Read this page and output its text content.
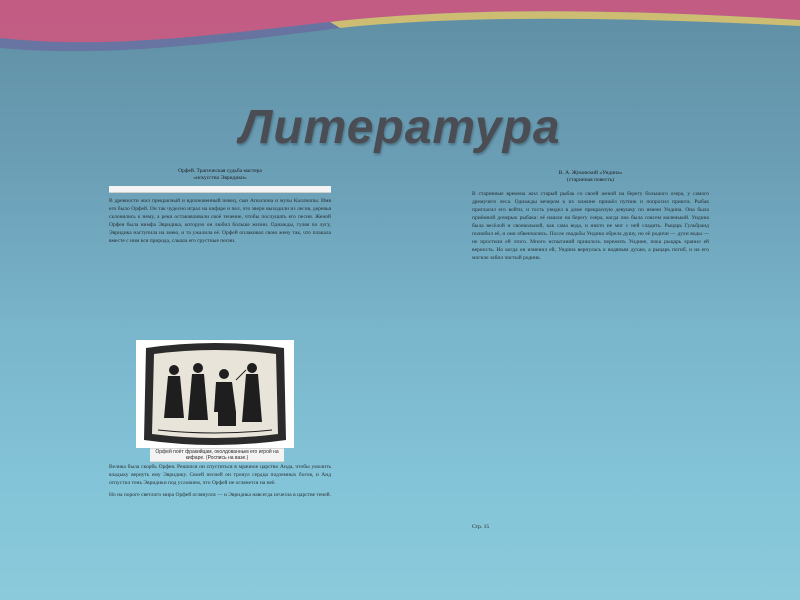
Литература
Орфей. Трагическая судьба мастера
«искусство Эвридики»
В древности жил прекрасный и вдохновенный певец, сын Аполлона и музы Каллиопы. Имя его было Орфей. Он так чудесно играл на кифаре и пел, что звери выходили из лесов, деревья склонялись к нему, а реки останавливали своё течение, чтобы послушать его песни. Женой Орфея была нимфа Эвридика, которую он любил больше жизни. Однажды, гуляя по лугу, Эвридика наступила на змею, и та ужалила её. Орфей оплакивал свою жену так, что плакала вместе с ним вся природа, слыша его грустные песни.
Орфей поёт фракийцам, околдованным его игрой на кифаре. (Роспись на вазе.)
Велика была скорбь Орфея. Решился он спуститься в мрачное царство Аида, чтобы умолить владыку вернуть ему Эвридику. Своей песней он тронул сердца подземных богов, и Аид отпустил тень Эвридики под условием, что Орфей не оглянется на неё.
Но на пороге светлого мира Орфей оглянулся — и Эвридика навсегда исчезла в царстве теней.
В. А. Жуковский «Ундина»
(старинная повесть)
В старинные времена жил старый рыбак со своей женой на берегу большого озера, у самого дремучего леса. Однажды вечером к их хижине пришёл путник и попросил приюта. Рыбак пригласил его войти, и гость увидел в доме прекрасную девушку по имени Ундина. Она была приёмной дочерью рыбака: её нашли на берегу озера, когда она была совсем маленькой. Ундина была весёлой и своевольной, как сама вода, и никто не мог с ней сладить. Рыцарь Гульбранд полюбил её, и они обвенчались. После свадьбы Ундина обрела душу, но её родичи — духи воды — не простили ей этого. Много испытаний пришлось пережить Ундине, пока рыцарь хранил ей верность. Но когда он изменил ей, Ундина вернулась к водяным духам, а рыцарь погиб, и на его могиле забил чистый родник.
Стр. 15
